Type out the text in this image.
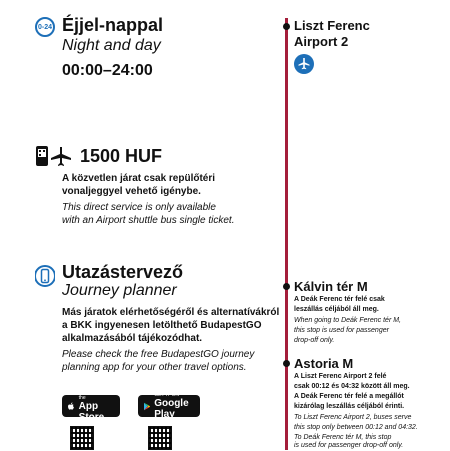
0-24 Éjjel-nappal
Night and day
00:00–24:00
1500 HUF
A közvetlen járat csak repülőtéri
vonaljeggyel vehető igénybe.
This direct service is only available
with an Airport shuttle bus single ticket.
Utazástervező
Journey planner
Más járatok elérhetőségéről és alternatívákról
a BKK ingyenesen letölthető BudapestGO
alkalmazásából tájékozódhat.
Please check the free BudapestGO journey
planning app for your other travel options.
Download on the
App Store
GET IT ON
Google Play
Liszt Ferenc
Airport 2
Kálvin tér M
A Deák Ferenc tér felé csak
leszállás céljából áll meg.
When going to Deák Ferenc tér M,
this stop is used for passenger
drop-off only.
Astoria M
A Liszt Ferenc Airport 2 felé
csak 00:12 és 04:32 között áll meg.
A Deák Ferenc tér felé a megállót
kizárólag leszállás céljából érinti.
To Liszt Ferenc Airport 2, buses serve
this stop only between 00:12 and 04:32.
To Deák Ferenc tér M, this stop
is used for passenger drop-off only.
